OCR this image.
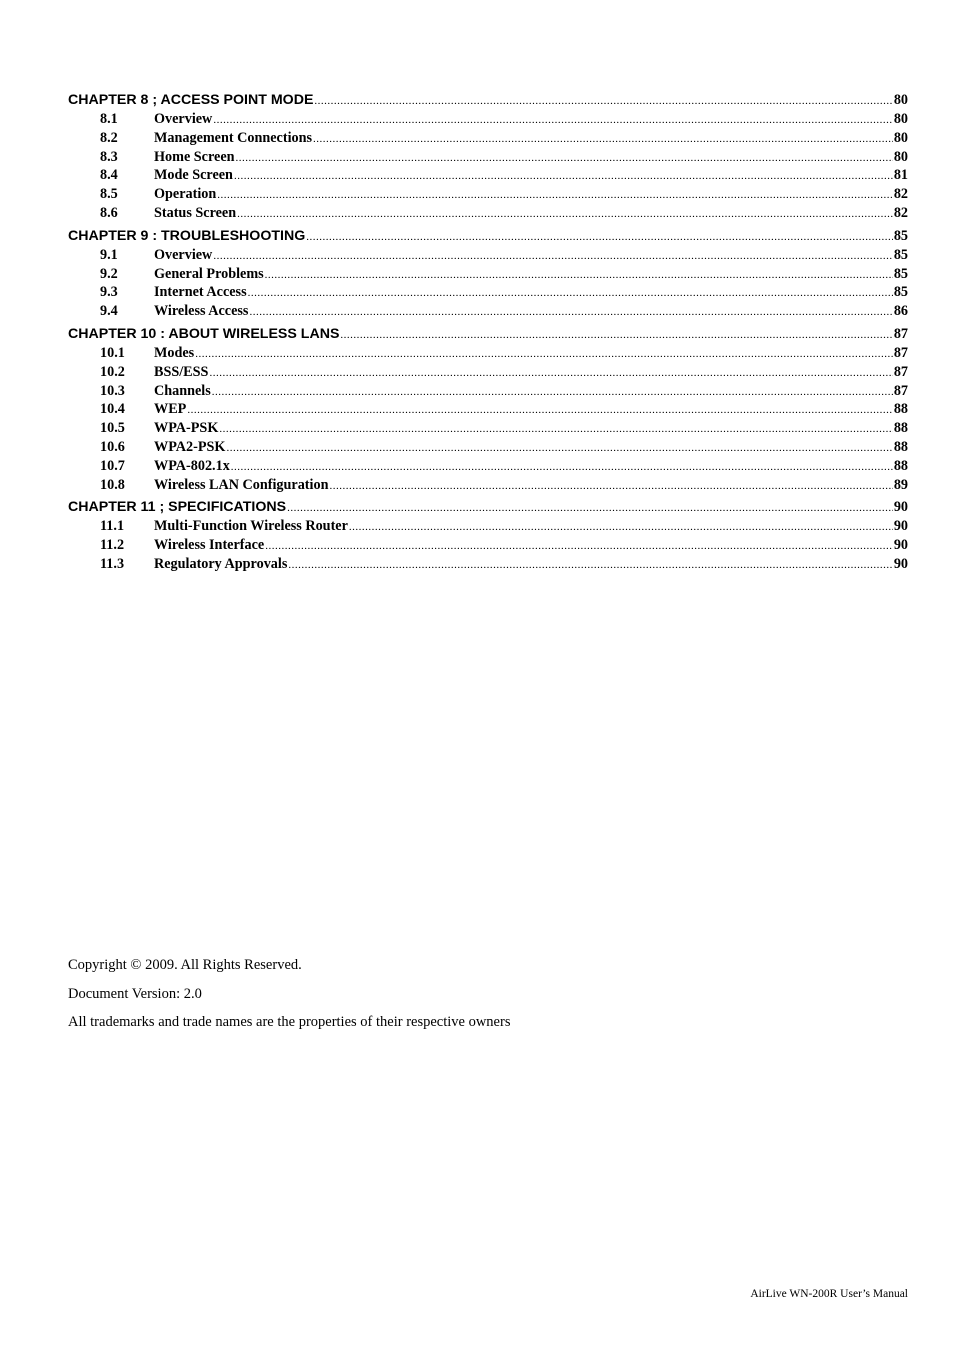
CHAPTER 8 ; ACCESS POINT MODE .....	80
8.1	Overview .....	80
8.2	Management Connections .....	80
8.3	Home Screen .....	80
8.4	Mode Screen .....	81
8.5	Operation .....	82
8.6	Status Screen .....	82
CHAPTER 9 : TROUBLESHOOTING .....	85
9.1	Overview .....	85
9.2	General Problems .....	85
9.3	Internet Access .....	85
9.4	Wireless Access .....	86
CHAPTER 10 : ABOUT WIRELESS LANS .....	87
10.1	Modes .....	87
10.2	BSS/ESS .....	87
10.3	Channels .....	87
10.4	WEP .....	88
10.5	WPA-PSK .....	88
10.6	WPA2-PSK .....	88
10.7	WPA-802.1x .....	88
10.8	Wireless LAN Configuration .....	89
CHAPTER 11 ; SPECIFICATIONS .....	90
11.1	Multi-Function Wireless Router .....	90
11.2	Wireless Interface .....	90
11.3	Regulatory Approvals .....	90

Copyright © 2009. All Rights Reserved.

Document Version: 2.0

All trademarks and trade names are the properties of their respective owners

AirLive WN-200R User’s Manual
